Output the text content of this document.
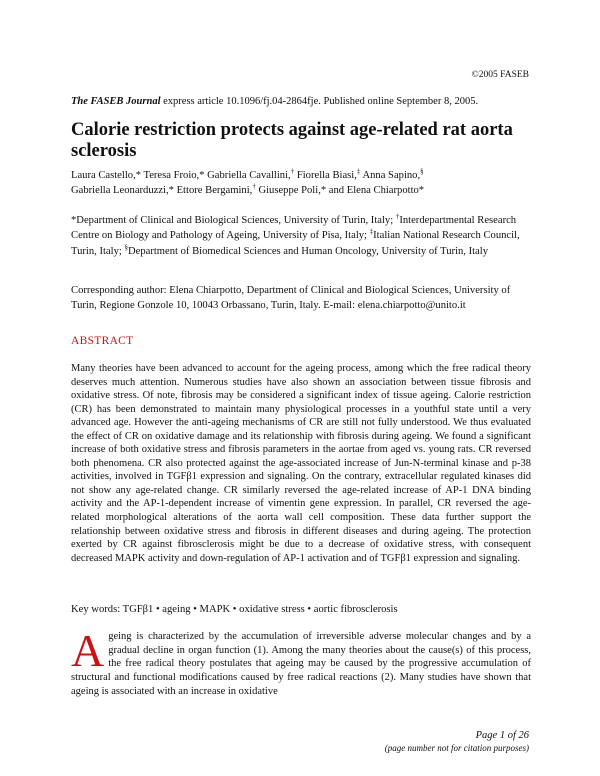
©2005 FASEB
The FASEB Journal express article 10.1096/fj.04-2864fje. Published online September 8, 2005.
Calorie restriction protects against age-related rat aorta sclerosis

Laura Castello,* Teresa Froio,* Gabriella Cavallini,† Fiorella Biasi,‡ Anna Sapino,§
Gabriella Leonarduzzi,* Ettore Bergamini,† Giuseppe Poli,* and Elena Chiarpotto*

*Department of Clinical and Biological Sciences, University of Turin, Italy; †Interdepartmental Research Centre on Biology and Pathology of Ageing, University of Pisa, Italy; ‡Italian National Research Council, Turin, Italy; §Department of Biomedical Sciences and Human Oncology, University of Turin, Italy

Corresponding author: Elena Chiarpotto, Department of Clinical and Biological Sciences, University of Turin, Regione Gonzole 10, 10043 Orbassano, Turin, Italy. E-mail: elena.chiarpotto@unito.it

ABSTRACT

Many theories have been advanced to account for the ageing process, among which the free radical theory deserves much attention. Numerous studies have also shown an association between tissue fibrosis and oxidative stress. Of note, fibrosis may be considered a significant index of tissue ageing. Calorie restriction (CR) has been demonstrated to maintain many physiological processes in a youthful state until a very advanced age. However the anti-ageing mechanisms of CR are still not fully understood. We thus evaluated the effect of CR on oxidative damage and its relationship with fibrosis during ageing. We found a significant increase of both oxidative stress and fibrosis parameters in the aortae from aged vs. young rats. CR reversed both phenomena. CR also protected against the age-associated increase of Jun-N-terminal kinase and p-38 activities, involved in TGFβ1 expression and signaling. On the contrary, extracellular regulated kinases did not show any age-related change. CR similarly reversed the age-related increase of AP-1 DNA binding activity and the AP-1-dependent increase of vimentin gene expression. In parallel, CR reversed the age-related morphological alterations of the aorta wall cell composition. These data further support the relationship between oxidative stress and fibrosis in different diseases and during ageing. The protection exerted by CR against fibrosclerosis might be due to a decrease of oxidative stress, with consequent decreased MAPK activity and down-regulation of AP-1 activation and of TGFβ1 expression and signaling.

Key words: TGFβ1 • ageing • MAPK • oxidative stress • aortic fibrosclerosis

Ageing is characterized by the accumulation of irreversible adverse molecular changes and by a gradual decline in organ function (1). Among the many theories about the cause(s) of this process, the free radical theory postulates that ageing may be caused by the progressive accumulation of structural and functional modifications caused by free radical reactions (2). Many studies have shown that ageing is associated with an increase in oxidative

Page 1 of 26
(page number not for citation purposes)
